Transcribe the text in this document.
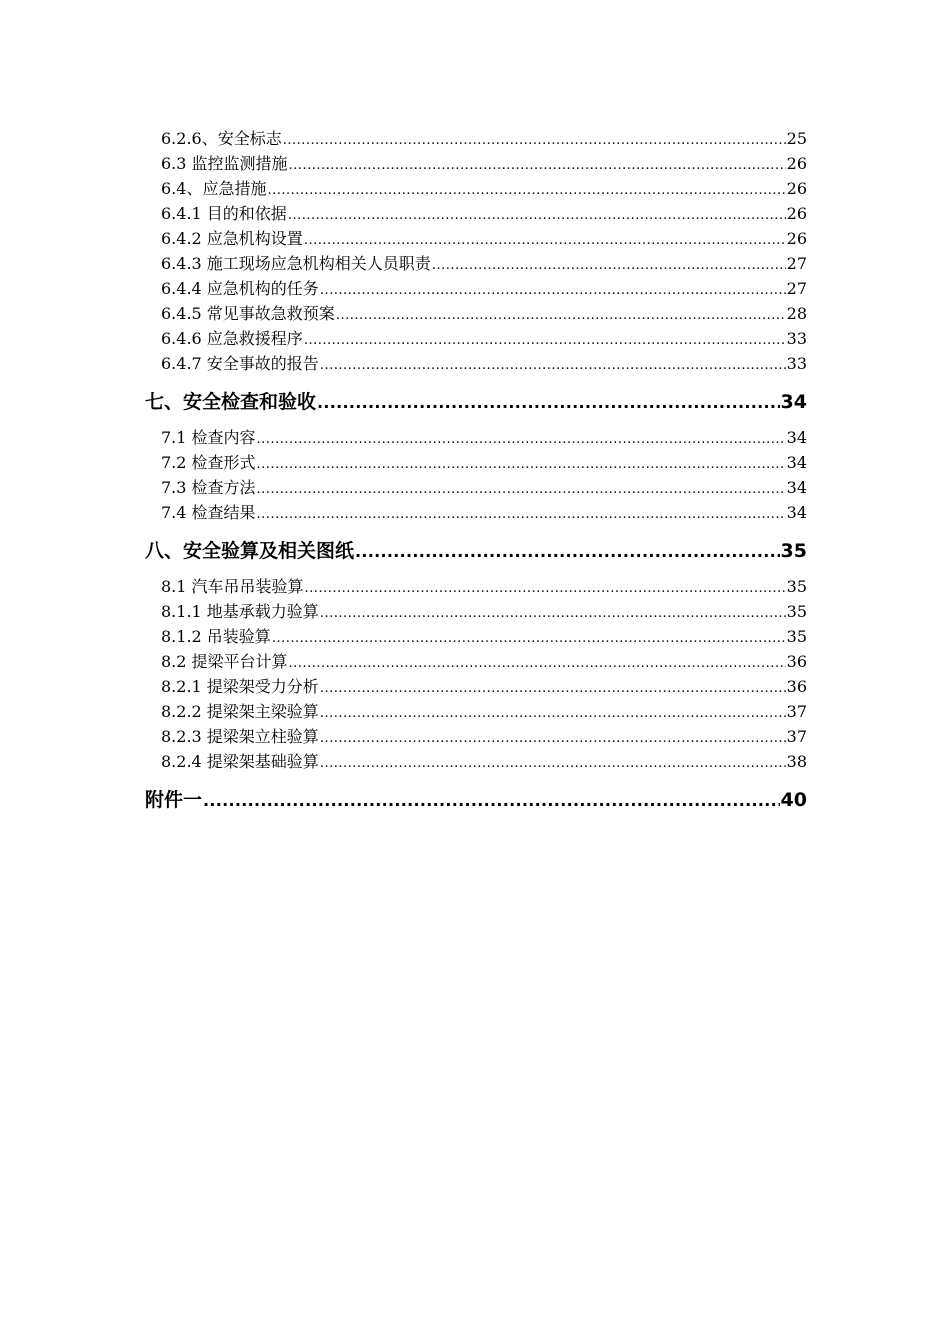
6.2.6、安全标志 .....	25
6.3 监控监测措施 .....	26
6.4、应急措施 .....	26
6.4.1 目的和依据 .....	26
6.4.2 应急机构设置 .....	26
6.4.3 施工现场应急机构相关人员职责 .....	27
6.4.4 应急机构的任务 .....	27
6.4.5 常见事故急救预案 .....	28
6.4.6 应急救援程序 .....	33
6.4.7 安全事故的报告 .....	33
七、安全检查和验收 .....	34
7.1 检查内容 .....	34
7.2 检查形式 .....	34
7.3 检查方法 .....	34
7.4 检查结果 .....	34
八、安全验算及相关图纸 .....	35
8.1 汽车吊吊装验算 .....	35
8.1.1 地基承载力验算 .....	35
8.1.2 吊装验算 .....	35
8.2 提梁平台计算 .....	36
8.2.1 提梁架受力分析 .....	36
8.2.2 提梁架主梁验算 .....	37
8.2.3 提梁架立柱验算 .....	37
8.2.4 提梁架基础验算 .....	38
附件一 .....	40
